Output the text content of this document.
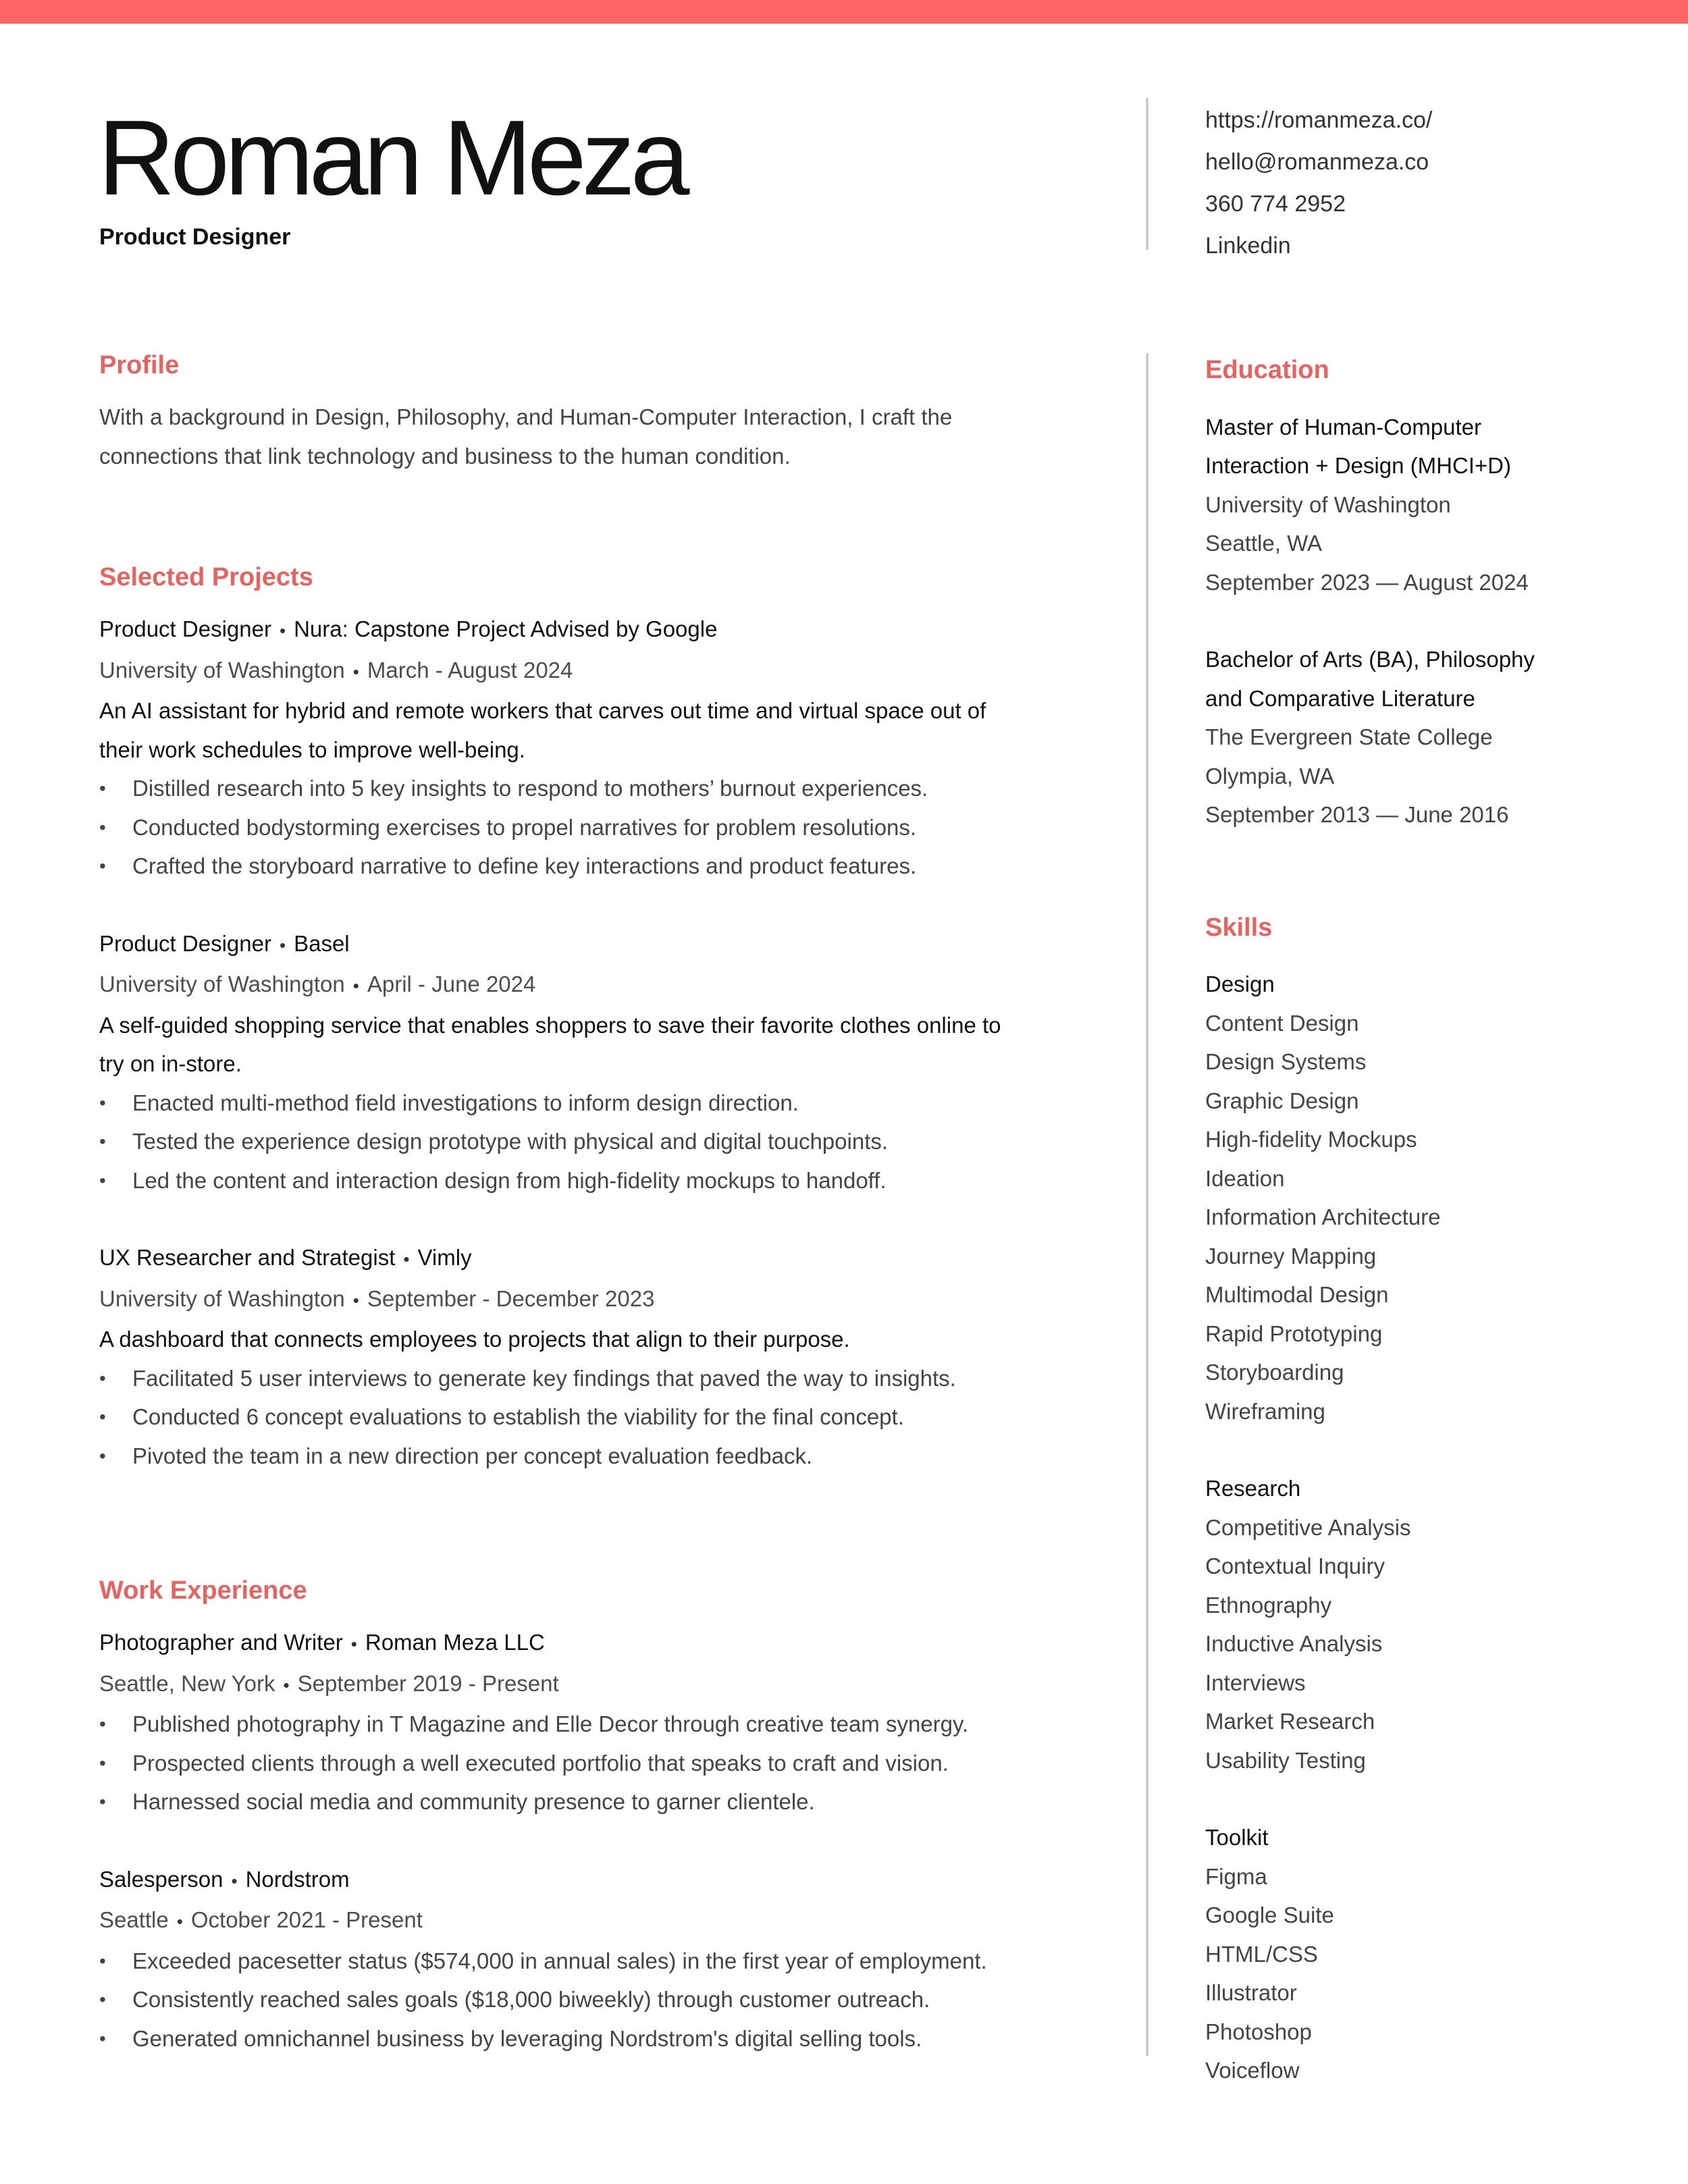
Roman Meza
Product Designer
https://romanmeza.co/
hello@romanmeza.co
360 774 2952
Linkedin
Profile
With a background in Design, Philosophy, and Human-Computer Interaction, I craft the
connections that link technology and business to the human condition.
Selected Projects
Product Designer • Nura: Capstone Project Advised by Google
University of Washington • March - August 2024
An AI assistant for hybrid and remote workers that carves out time and virtual space out of
their work schedules to improve well-being.
• Distilled research into 5 key insights to respond to mothers’ burnout experiences.
• Conducted bodystorming exercises to propel narratives for problem resolutions.
• Crafted the storyboard narrative to define key interactions and product features.
Product Designer • Basel
University of Washington • April - June 2024
A self-guided shopping service that enables shoppers to save their favorite clothes online to
try on in-store.
• Enacted multi-method field investigations to inform design direction.
• Tested the experience design prototype with physical and digital touchpoints.
• Led the content and interaction design from high-fidelity mockups to handoff.
UX Researcher and Strategist • Vimly
University of Washington • September - December 2023
A dashboard that connects employees to projects that align to their purpose.
• Facilitated 5 user interviews to generate key findings that paved the way to insights.
• Conducted 6 concept evaluations to establish the viability for the final concept.
• Pivoted the team in a new direction per concept evaluation feedback.
Work Experience
Photographer and Writer • Roman Meza LLC
Seattle, New York • September 2019 - Present
• Published photography in T Magazine and Elle Decor through creative team synergy.
• Prospected clients through a well executed portfolio that speaks to craft and vision.
• Harnessed social media and community presence to garner clientele.
Salesperson • Nordstrom
Seattle • October 2021 - Present
• Exceeded pacesetter status ($574,000 in annual sales) in the first year of employment.
• Consistently reached sales goals ($18,000 biweekly) through customer outreach.
• Generated omnichannel business by leveraging Nordstrom's digital selling tools.
Education
Master of Human-Computer
Interaction + Design (MHCI+D)
University of Washington
Seattle, WA
September 2023 — August 2024
Bachelor of Arts (BA), Philosophy
and Comparative Literature
The Evergreen State College
Olympia, WA
September 2013 — June 2016
Skills
Design
Content Design
Design Systems
Graphic Design
High-fidelity Mockups
Ideation
Information Architecture
Journey Mapping
Multimodal Design
Rapid Prototyping
Storyboarding
Wireframing
Research
Competitive Analysis
Contextual Inquiry
Ethnography
Inductive Analysis
Interviews
Market Research
Usability Testing
Toolkit
Figma
Google Suite
HTML/CSS
Illustrator
Photoshop
Voiceflow
